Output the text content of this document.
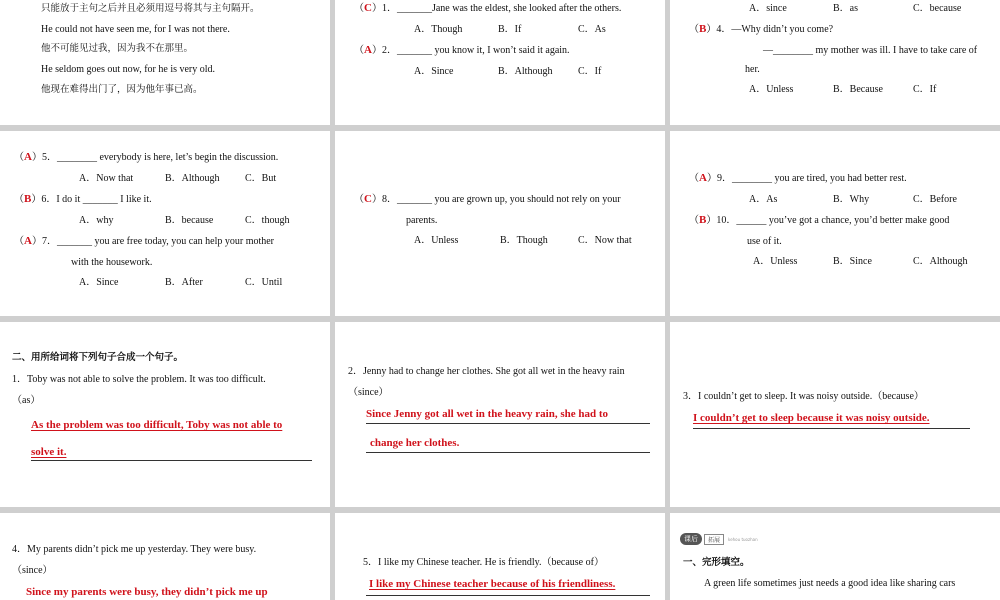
只能放于主句之后并且必须用逗号将其与主句隔开。
He could not have seen me, for I was not there.
他不可能见过我，因为我不在那里。
He seldom goes out now, for he is very old.
他现在难得出门了，因为他年事已高。
（C）1．_______Jane was the eldest, she looked after the others.
A．Though	B．If	C．As
（A）2．_______ you know it, I won’t said it again.
A．Since	B．Although	C．If
A．since	B．as	C．because
（B）4．—Why didn’t you come?
—________ my mother was ill. I have to take care of
her.
A．Unless	B．Because	C．If
（A）5．________ everybody is here, let’s begin the discussion.
A．Now that	B．Although	C．But
（B）6．I do it _______ I like it.
A．why	B．because	C．though
（A）7．_______ you are free today, you can help your mother
with the housework.
A．Since	B．After	C．Until
（C）8．_______ you are grown up, you should not rely on your
parents.
A．Unless	B．Though	C．Now that
（A）9．________ you are tired, you had better rest.
A．As	B．Why	C．Before
（B）10．______ you’ve got a chance, you’d better make good
use of it.
A．Unless	B．Since	C．Although
二、用所给词将下列句子合成一个句子。
1．Toby was not able to solve the problem. It was too difficult.
（as）
As the problem was too difficult, Toby was not able to
solve it.
2．Jenny had to change her clothes. She got all wet in the heavy rain
（since）
Since Jenny got all wet in the heavy rain, she had to
change her clothes.
3．I couldn’t get to sleep. It was noisy outside.（because）
I couldn’t get to sleep because it was noisy outside.
4．My parents didn’t pick me up yesterday. They were busy.
（since）
Since my parents were busy, they didn’t pick me up
5．I like my Chinese teacher. He is friendly.（because of）
I like my Chinese teacher because of his friendliness.
课后	拓展	kehou tuozhan
一、完形填空。
A green life sometimes just needs a good idea like sharing cars
